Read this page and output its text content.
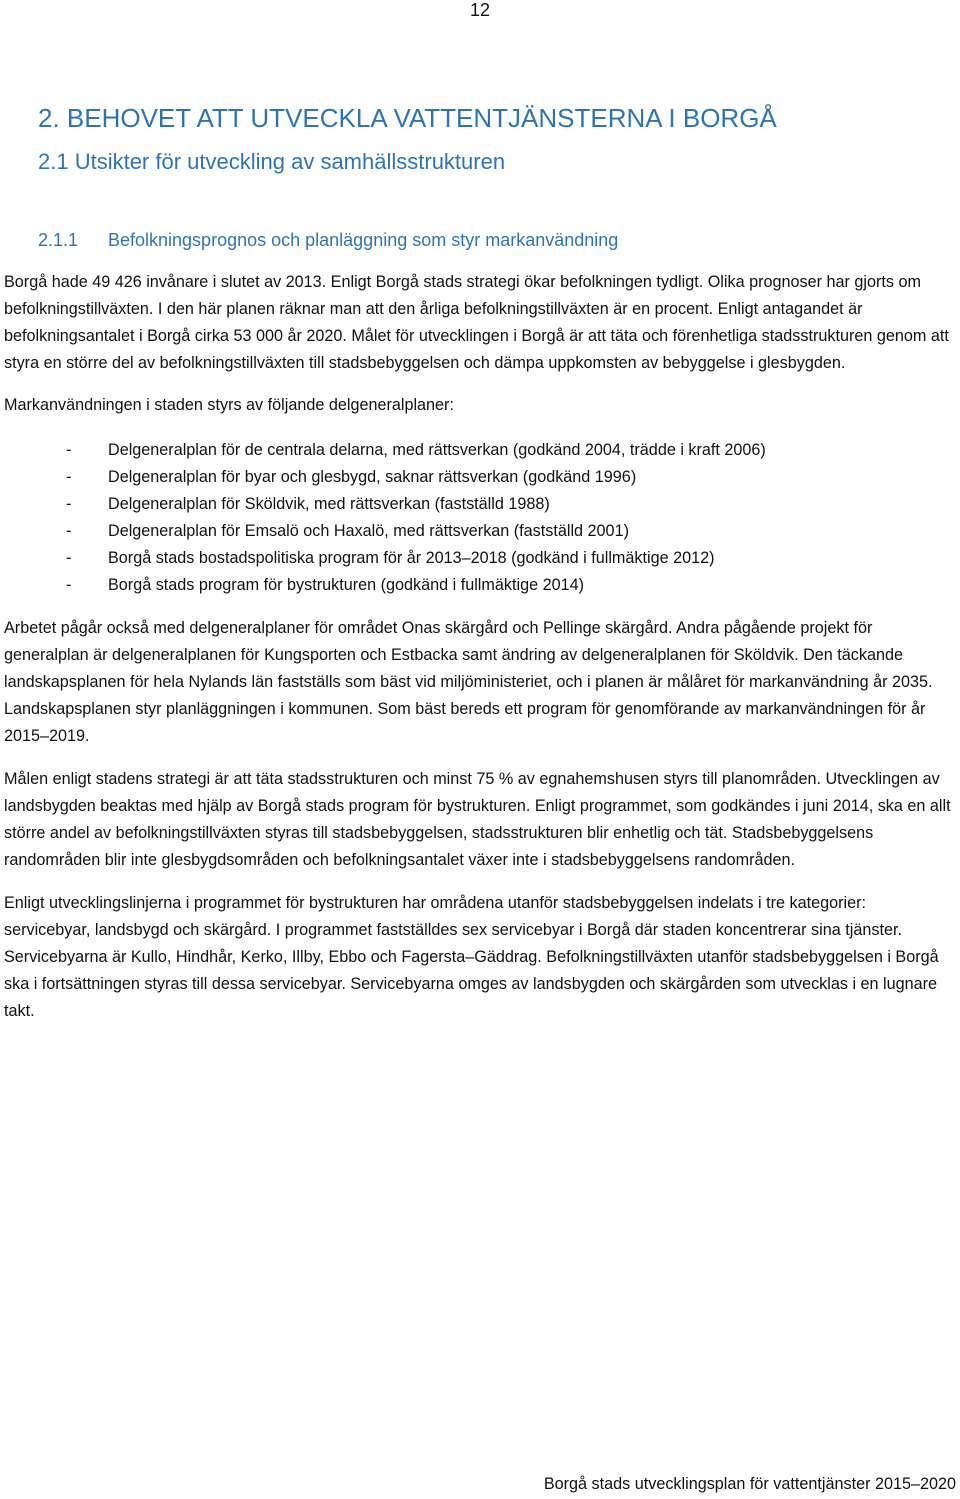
12
2. BEHOVET ATT UTVECKLA VATTENTJÄNSTERNA I BORGÅ
2.1 Utsikter för utveckling av samhällsstrukturen
2.1.1 Befolkningsprognos och planläggning som styr markanvändning

Borgå hade 49 426 invånare i slutet av 2013. Enligt Borgå stads strategi ökar befolkningen tydligt. Olika prognoser har gjorts om befolkningstillväxten. I den här planen räknar man att den årliga befolkningstillväxten är en procent. Enligt antagandet är befolkningsantalet i Borgå cirka 53 000 år 2020. Målet för utvecklingen i Borgå är att täta och förenhetliga stadsstrukturen genom att styra en större del av befolkningstillväxten till stadsbebyggelsen och dämpa uppkomsten av bebyggelse i glesbygden.

Markanvändningen i staden styrs av följande delgeneralplaner:

- Delgeneralplan för de centrala delarna, med rättsverkan (godkänd 2004, trädde i kraft 2006)
- Delgeneralplan för byar och glesbygd, saknar rättsverkan (godkänd 1996)
- Delgeneralplan för Sköldvik, med rättsverkan (fastställd 1988)
- Delgeneralplan för Emsalö och Haxalö, med rättsverkan (fastställd 2001)
- Borgå stads bostadspolitiska program för år 2013–2018 (godkänd i fullmäktige 2012)
- Borgå stads program för bystrukturen (godkänd i fullmäktige 2014)

Arbetet pågår också med delgeneralplaner för området Onas skärgård och Pellinge skärgård. Andra pågående projekt för generalplan är delgeneralplanen för Kungsporten och Estbacka samt ändring av delgeneralplanen för Sköldvik. Den täckande landskapsplanen för hela Nylands län fastställs som bäst vid miljöministeriet, och i planen är målåret för markanvändning år 2035. Landskapsplanen styr planläggningen i kommunen. Som bäst bereds ett program för genomförande av markanvändningen för år 2015–2019.

Målen enligt stadens strategi är att täta stadsstrukturen och minst 75 % av egnahemshusen styrs till planområden. Utvecklingen av landsbygden beaktas med hjälp av Borgå stads program för bystrukturen. Enligt programmet, som godkändes i juni 2014, ska en allt större andel av befolkningstillväxten styras till stadsbebyggelsen, stadsstrukturen blir enhetlig och tät. Stadsbebyggelsens randområden blir inte glesbygdsområden och befolkningsantalet växer inte i stadsbebyggelsens randområden.

Enligt utvecklingslinjerna i programmet för bystrukturen har områdena utanför stadsbebyggelsen indelats i tre kategorier: servicebyar, landsbygd och skärgård. I programmet fastställdes sex servicebyar i Borgå där staden koncentrerar sina tjänster. Servicebyarna är Kullo, Hindhår, Kerko, Illby, Ebbo och Fagersta–Gäddrag. Befolkningstillväxten utanför stadsbebyggelsen i Borgå ska i fortsättningen styras till dessa servicebyar. Servicebyarna omges av landsbygden och skärgården som utvecklas i en lugnare takt.

Borgå stads utvecklingsplan för vattentjänster 2015–2020
